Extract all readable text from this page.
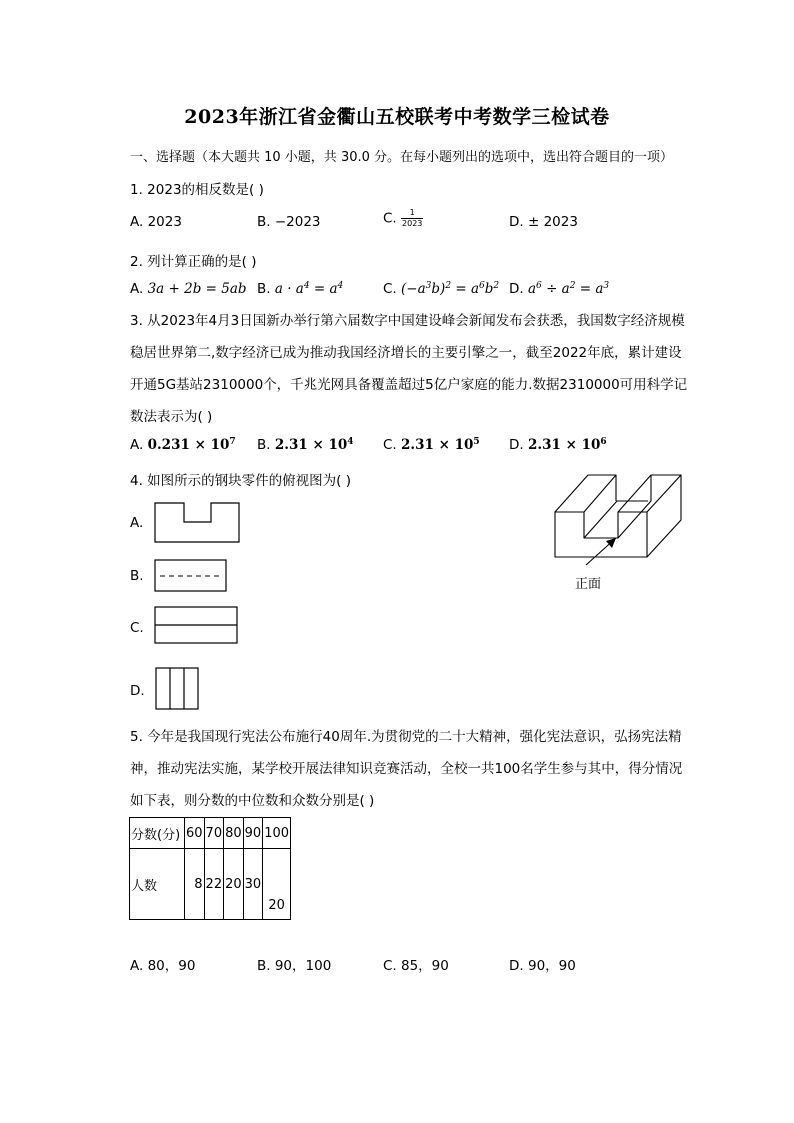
2023年浙江省金衢山五校联考中考数学三检试卷
一、选择题（本大题共 10 小题，共 30.0 分。在每小题列出的选项中，选出符合题目的一项）
1. 2023的相反数是( )
A. 2023	B. −2023	C. $\frac{1}{2023}$	D. ± 2023
2. 列计算正确的是( )
A. 3a + 2b = 5ab B. $a \cdot a^4 = a^4$	C. $(-a^3b)^2 = a^6b^2$ D. $a^6 \div a^2 = a^3$
3. 从2023年4月3日国新办举行第六届数字中国建设峰会新闻发布会获悉，我国数字经济规模稳居世界第二,数字经济已成为推动我国经济增长的主要引擎之一，截至2022年底，累计建设开通5G基站2310000个，千兆光网具备覆盖超过5亿户家庭的能力.数据2310000可用科学记数法表示为( )
A. $0.231 \times 10^7$ B. $2.31 \times 10^4$ C. $2.31 \times 10^5$ D. $2.31 \times 10^6$
4. 如图所示的钢块零件的俯视图为( )
A.
B.
C.
D.
正面
5. 今年是我国现行宪法公布施行40周年.为贯彻党的二十大精神，强化宪法意识，弘扬宪法精神，推动宪法实施，某学校开展法律知识竞赛活动，全校一共100名学生参与其中，得分情况如下表，则分数的中位数和众数分别是( )
分数(分)	60	70	80	90	100
人数	8	22	20	30	20
A. 80，90	B. 90，100	C. 85，90	D. 90，90
